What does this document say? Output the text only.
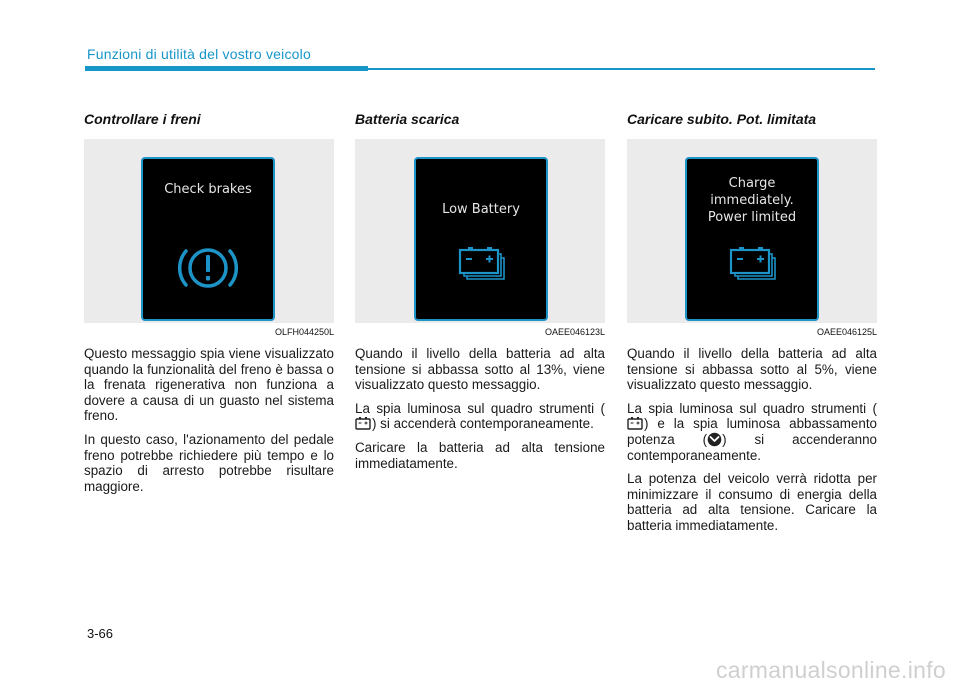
Funzioni di utilità del vostro veicolo
Controllare i freni
Check brakes
OLFH044250L

Questo messaggio spia viene visualizzato quando la funzionalità del freno è bassa o la frenata rigenerativa non funziona a dovere a causa di un guasto nel sistema freno.

In questo caso, l'azionamento del pedale freno potrebbe richiedere più tempo e lo spazio di arresto potrebbe risultare maggiore.

Batteria scarica
Low Battery
OAEE046123L

Quando il livello della batteria ad alta tensione si abbassa sotto al 13%, viene visualizzato questo messaggio.

La spia luminosa sul quadro strumenti () si accenderà contemporaneamente.

Caricare la batteria ad alta tensione immediatamente.

Caricare subito. Pot. limitata
Charge
immediately.
Power limited
OAEE046125L

Quando il livello della batteria ad alta tensione si abbassa sotto al 5%, viene visualizzato questo messaggio.

La spia luminosa sul quadro strumenti () e la spia luminosa abbassamento potenza ( ) si accenderanno contemporaneamente.

La potenza del veicolo verrà ridotta per minimizzare il consumo di energia della batteria ad alta tensione. Caricare la batteria immediatamente.

3-66
carmanualsonline.info
